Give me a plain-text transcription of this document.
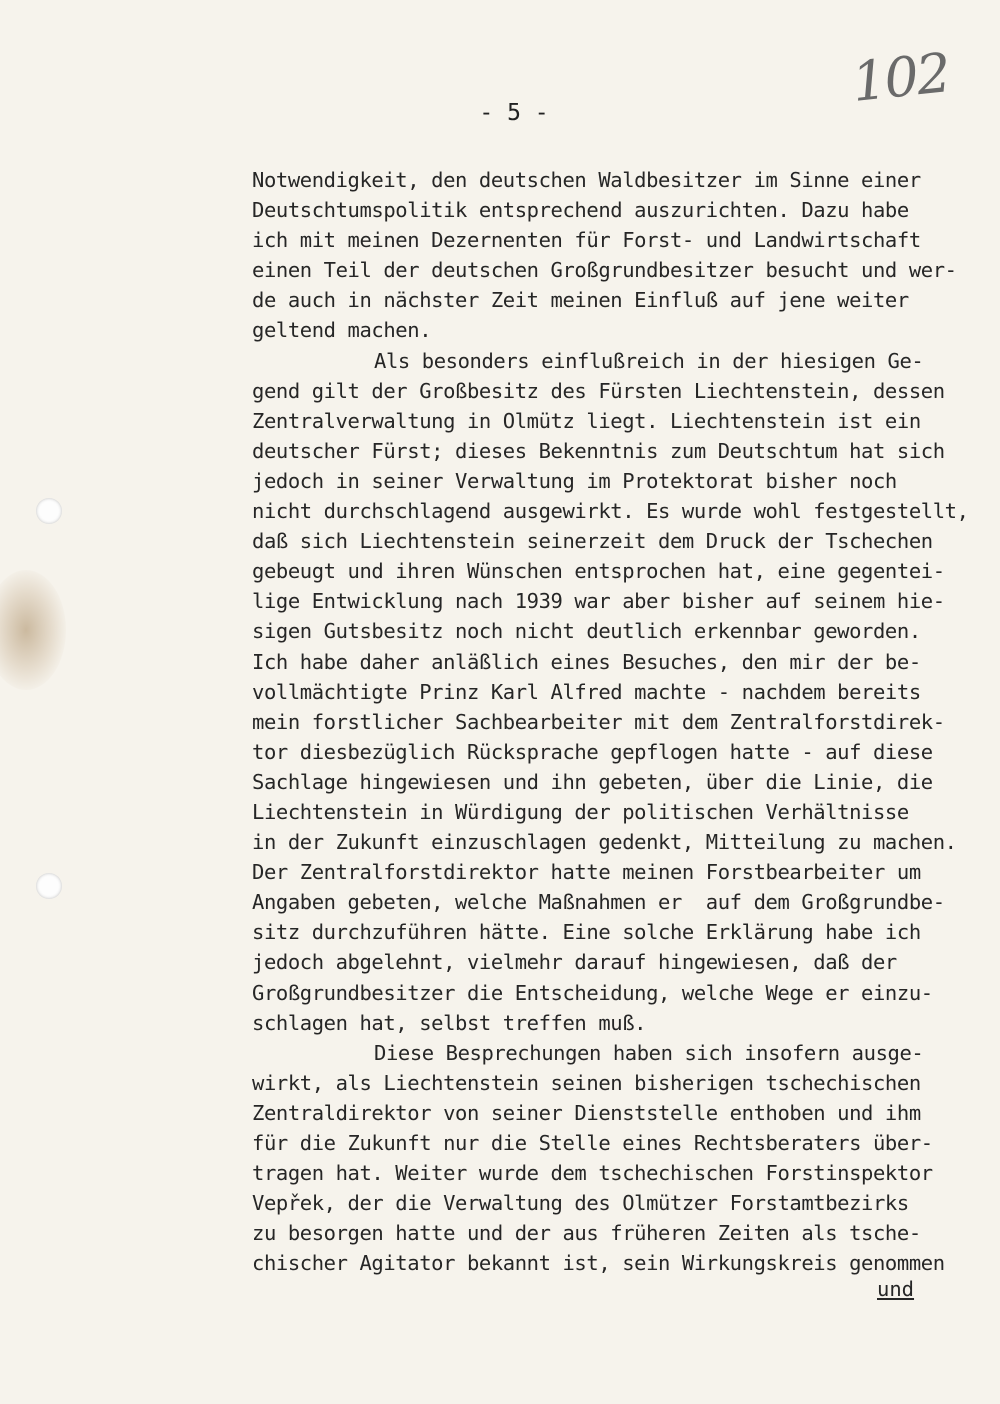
102
- 5 -
Notwendigkeit, den deutschen Waldbesitzer im Sinne einer
Deutschtumspolitik entsprechend auszurichten. Dazu habe
ich mit meinen Dezernenten für Forst- und Landwirtschaft
einen Teil der deutschen Großgrundbesitzer besucht und wer-
de auch in nächster Zeit meinen Einfluß auf jene weiter
geltend machen.
Als besonders einflußreich in der hiesigen Ge-
gend gilt der Großbesitz des Fürsten Liechtenstein, dessen
Zentralverwaltung in Olmütz liegt. Liechtenstein ist ein
deutscher Fürst; dieses Bekenntnis zum Deutschtum hat sich
jedoch in seiner Verwaltung im Protektorat bisher noch
nicht durchschlagend ausgewirkt. Es wurde wohl festgestellt,
daß sich Liechtenstein seinerzeit dem Druck der Tschechen
gebeugt und ihren Wünschen entsprochen hat, eine gegentei-
lige Entwicklung nach 1939 war aber bisher auf seinem hie-
sigen Gutsbesitz noch nicht deutlich erkennbar geworden.
Ich habe daher anläßlich eines Besuches, den mir der be-
vollmächtigte Prinz Karl Alfred machte - nachdem bereits
mein forstlicher Sachbearbeiter mit dem Zentralforstdirek-
tor diesbezüglich Rücksprache gepflogen hatte - auf diese
Sachlage hingewiesen und ihn gebeten, über die Linie, die
Liechtenstein in Würdigung der politischen Verhältnisse
in der Zukunft einzuschlagen gedenkt, Mitteilung zu machen.
Der Zentralforstdirektor hatte meinen Forstbearbeiter um
Angaben gebeten, welche Maßnahmen er  auf dem Großgrundbe-
sitz durchzuführen hätte. Eine solche Erklärung habe ich
jedoch abgelehnt, vielmehr darauf hingewiesen, daß der
Großgrundbesitzer die Entscheidung, welche Wege er einzu-
schlagen hat, selbst treffen muß.
Diese Besprechungen haben sich insofern ausge-
wirkt, als Liechtenstein seinen bisherigen tschechischen
Zentraldirektor von seiner Dienststelle enthoben und ihm
für die Zukunft nur die Stelle eines Rechtsberaters über-
tragen hat. Weiter wurde dem tschechischen Forstinspektor
Vepřek, der die Verwaltung des Olmützer Forstamtbezirks
zu besorgen hatte und der aus früheren Zeiten als tsche-
chischer Agitator bekannt ist, sein Wirkungskreis genommen
und
